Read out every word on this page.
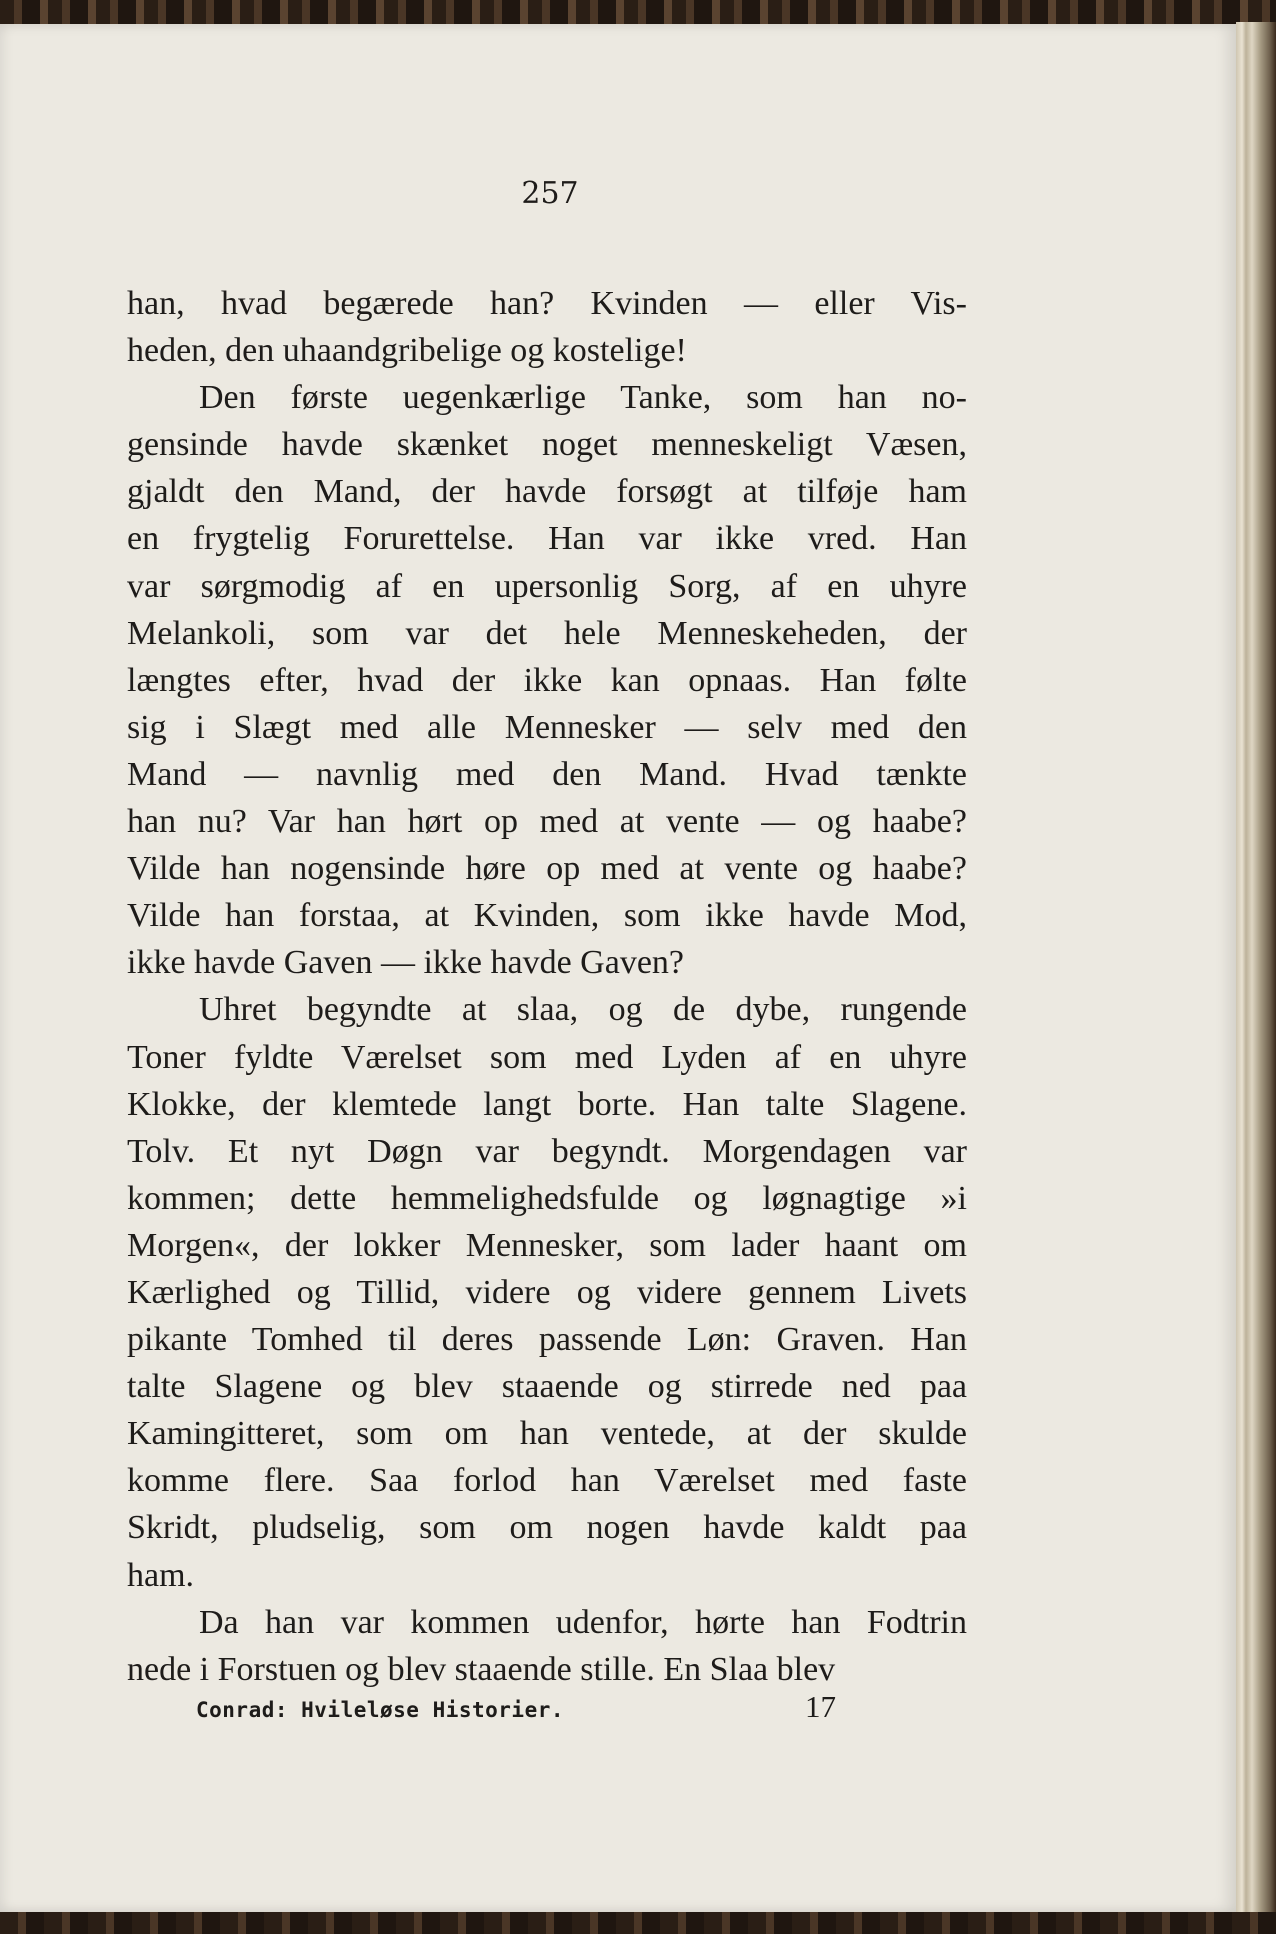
257

han, hvad begærede han? Kvinden — eller Vis-
heden, den uhaandgribelige og kostelige!

Den første uegenkærlige Tanke, som han no-
gensinde havde skænket noget menneskeligt Væsen,
gjaldt den Mand, der havde forsøgt at tilføje ham
en frygtelig Forurettelse. Han var ikke vred. Han
var sørgmodig af en upersonlig Sorg, af en uhyre
Melankoli, som var det hele Menneskeheden, der
længtes efter, hvad der ikke kan opnaas. Han følte
sig i Slægt med alle Mennesker — selv med den
Mand — navnlig med den Mand. Hvad tænkte
han nu? Var han hørt op med at vente — og haabe?
Vilde han nogensinde høre op med at vente og haabe?
Vilde han forstaa, at Kvinden, som ikke havde Mod,
ikke havde Gaven — ikke havde Gaven?

Uhret begyndte at slaa, og de dybe, rungende
Toner fyldte Værelset som med Lyden af en uhyre
Klokke, der klemtede langt borte. Han talte Slagene.
Tolv. Et nyt Døgn var begyndt. Morgendagen var
kommen; dette hemmelighedsfulde og løgnagtige »i
Morgen«, der lokker Mennesker, som lader haant om
Kærlighed og Tillid, videre og videre gennem Livets
pikante Tomhed til deres passende Løn: Graven. Han
talte Slagene og blev staaende og stirrede ned paa
Kamingitteret, som om han ventede, at der skulde
komme flere. Saa forlod han Værelset med faste
Skridt, pludselig, som om nogen havde kaldt paa
ham.

Da han var kommen udenfor, hørte han Fodtrin
nede i Forstuen og blev staaende stille. En Slaa blev

Conrad: Hvileløse Historier.	17
